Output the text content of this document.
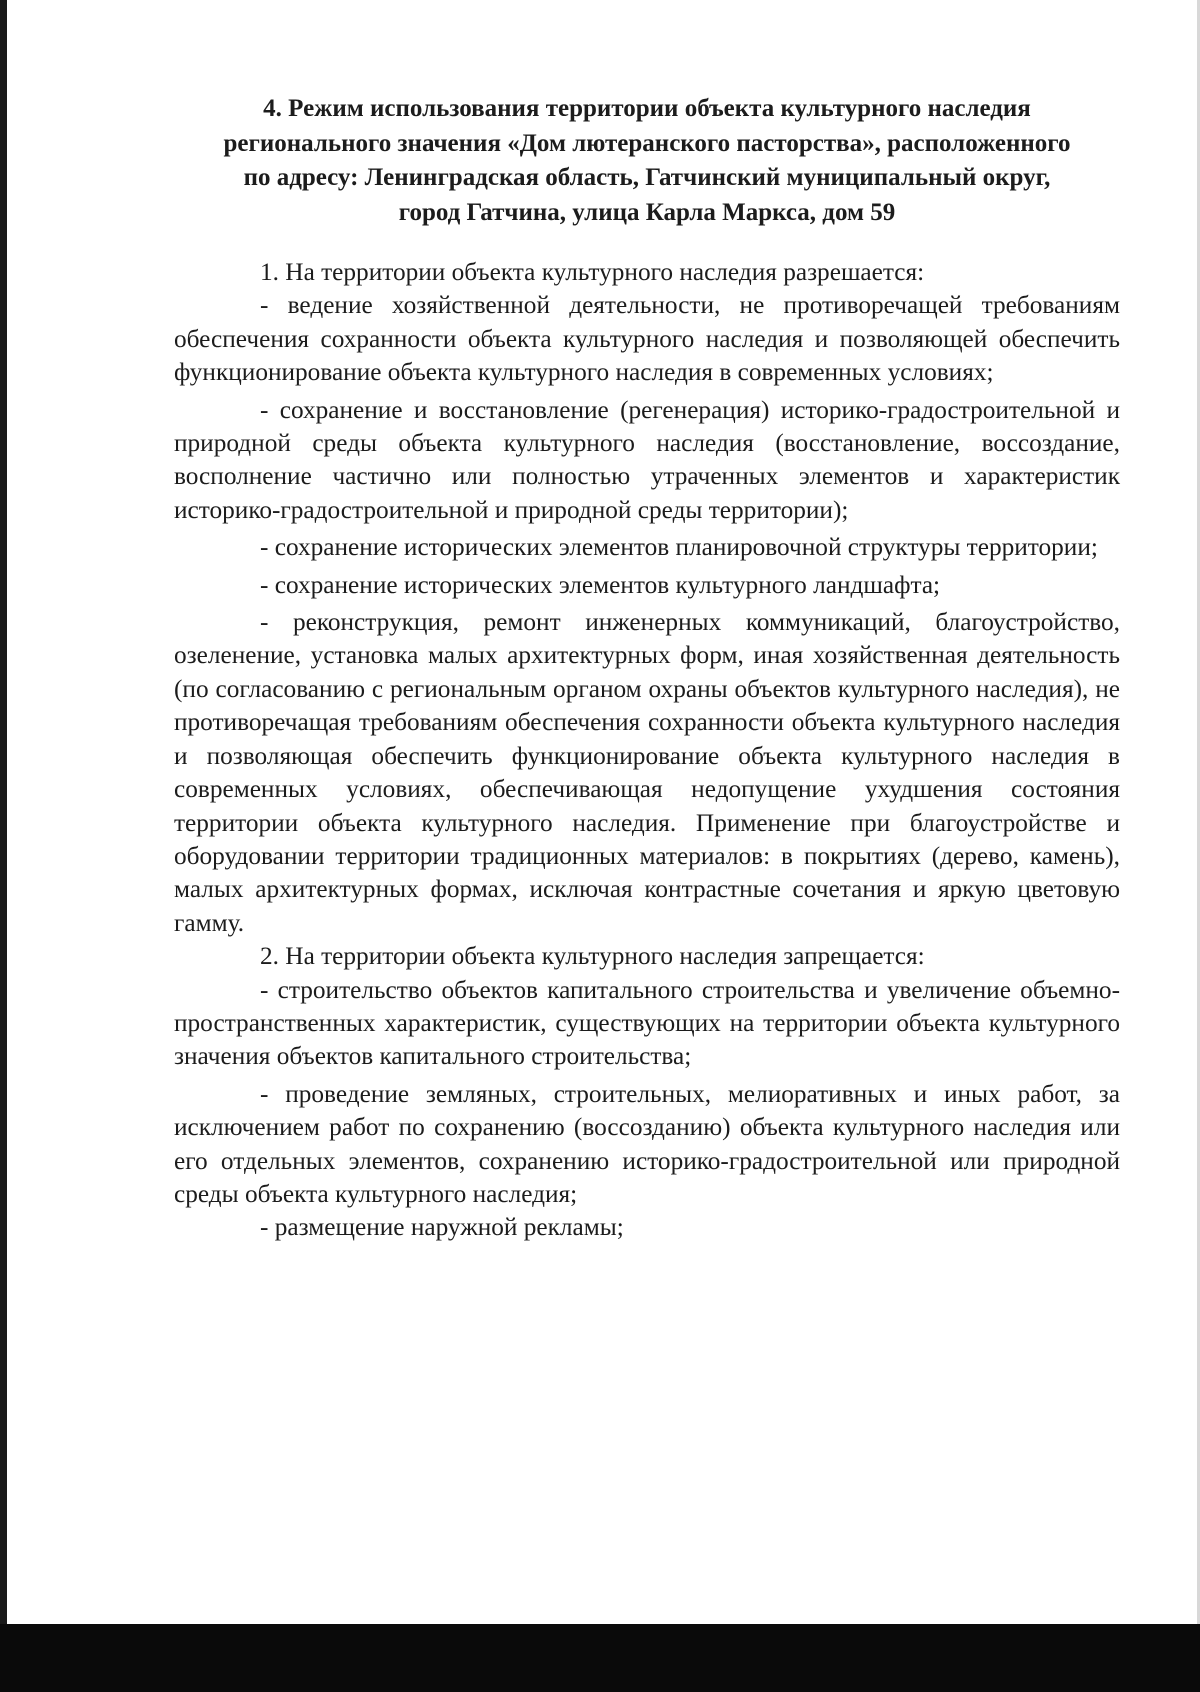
4. Режим использования территории объекта культурного наследия
регионального значения «Дом лютеранского пасторства», расположенного
по адресу: Ленинградская область, Гатчинский муниципальный округ,
город Гатчина, улица Карла Маркса, дом 59

1. На территории объекта культурного наследия разрешается:

- ведение хозяйственной деятельности, не противоречащей требованиям обеспечения сохранности объекта культурного наследия и позволяющей обеспечить функционирование объекта культурного наследия в современных условиях;

- сохранение и восстановление (регенерация) историко-градостроительной и природной среды объекта культурного наследия (восстановление, воссоздание, восполнение частично или полностью утраченных элементов и характеристик историко-градостроительной и природной среды территории);

- сохранение исторических элементов планировочной структуры территории;

- сохранение исторических элементов культурного ландшафта;

- реконструкция, ремонт инженерных коммуникаций, благоустройство, озеленение, установка малых архитектурных форм, иная хозяйственная деятельность (по согласованию с региональным органом охраны объектов культурного наследия), не противоречащая требованиям обеспечения сохранности объекта культурного наследия и позволяющая обеспечить функционирование объекта культурного наследия в современных условиях, обеспечивающая недопущение ухудшения состояния территории объекта культурного наследия. Применение при благоустройстве и оборудовании территории традиционных материалов: в покрытиях (дерево, камень), малых архитектурных формах, исключая контрастные сочетания и яркую цветовую гамму.

2. На территории объекта культурного наследия запрещается:

- строительство объектов капитального строительства и увеличение объемно-пространственных характеристик, существующих на территории объекта культурного значения объектов капитального строительства;

- проведение земляных, строительных, мелиоративных и иных работ, за исключением работ по сохранению (воссозданию) объекта культурного наследия или его отдельных элементов, сохранению историко-градостроительной или природной среды объекта культурного наследия;

- размещение наружной рекламы;
